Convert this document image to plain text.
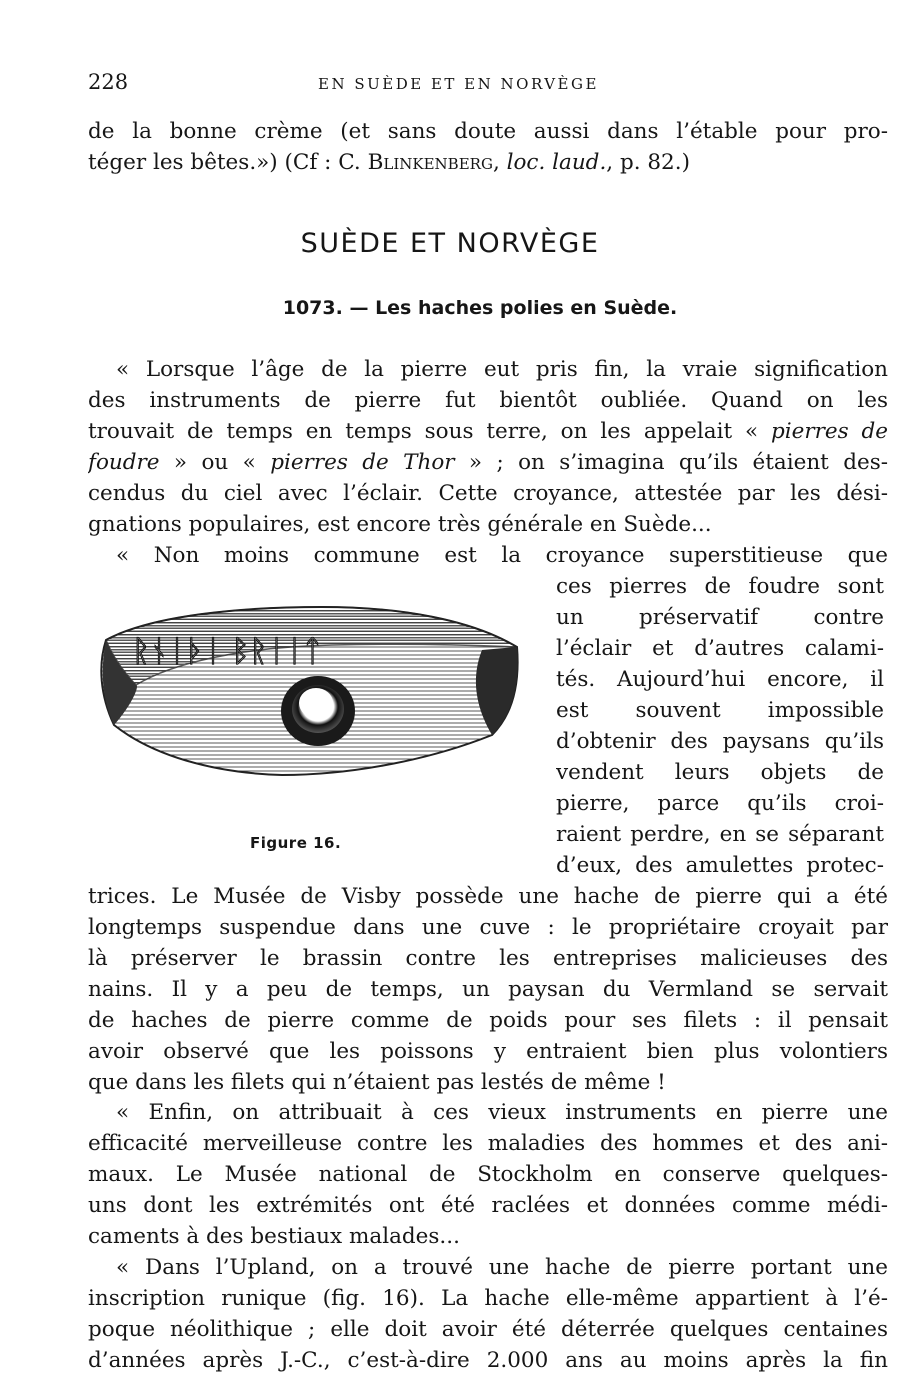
228	EN SUÈDE ET EN NORVÈGE
de la bonne crème (et sans doute aussi dans l’étable pour pro-
téger les bêtes.») (Cf : C. Blinkenberg, loc. laud., p. 82.)
SUÈDE ET NORVÈGE
1073. — Les haches polies en Suède.
« Lorsque l’âge de la pierre eut pris fin, la vraie signification
des instruments de pierre fut bientôt oubliée. Quand on les
trouvait de temps en temps sous terre, on les appelait « pierres de
foudre » ou « pierres de Thor » ; on s’imagina qu’ils étaient des-
cendus du ciel avec l’éclair. Cette croyance, attestée par les dési-
gnations populaires, est encore très générale en Suède...
« Non moins commune est la croyance superstitieuse que
ᚱᚾᛁᚦᛁ ᛒᚱᛁᛁᛏ
Figure 16.
ces pierres de foudre sont
un préservatif contre
l’éclair et d’autres calami-
tés. Aujourd’hui encore, il
est souvent impossible
d’obtenir des paysans qu’ils
vendent leurs objets de
pierre, parce qu’ils croi-
raient perdre, en se séparant
d’eux, des amulettes protec-
trices. Le Musée de Visby possède une hache de pierre qui a été
longtemps suspendue dans une cuve : le propriétaire croyait par
là préserver le brassin contre les entreprises malicieuses des
nains. Il y a peu de temps, un paysan du Vermland se servait
de haches de pierre comme de poids pour ses filets : il pensait
avoir observé que les poissons y entraient bien plus volontiers
que dans les filets qui n’étaient pas lestés de même !
« Enfin, on attribuait à ces vieux instruments en pierre une
efficacité merveilleuse contre les maladies des hommes et des ani-
maux. Le Musée national de Stockholm en conserve quelques-
uns dont les extrémités ont été raclées et données comme médi-
caments à des bestiaux malades...
« Dans l’Upland, on a trouvé une hache de pierre portant une
inscription runique (fig. 16). La hache elle-même appartient à l’é-
poque néolithique ; elle doit avoir été déterrée quelques centaines
d’années après J.-C., c’est-à-dire 2.000 ans au moins après la fin
